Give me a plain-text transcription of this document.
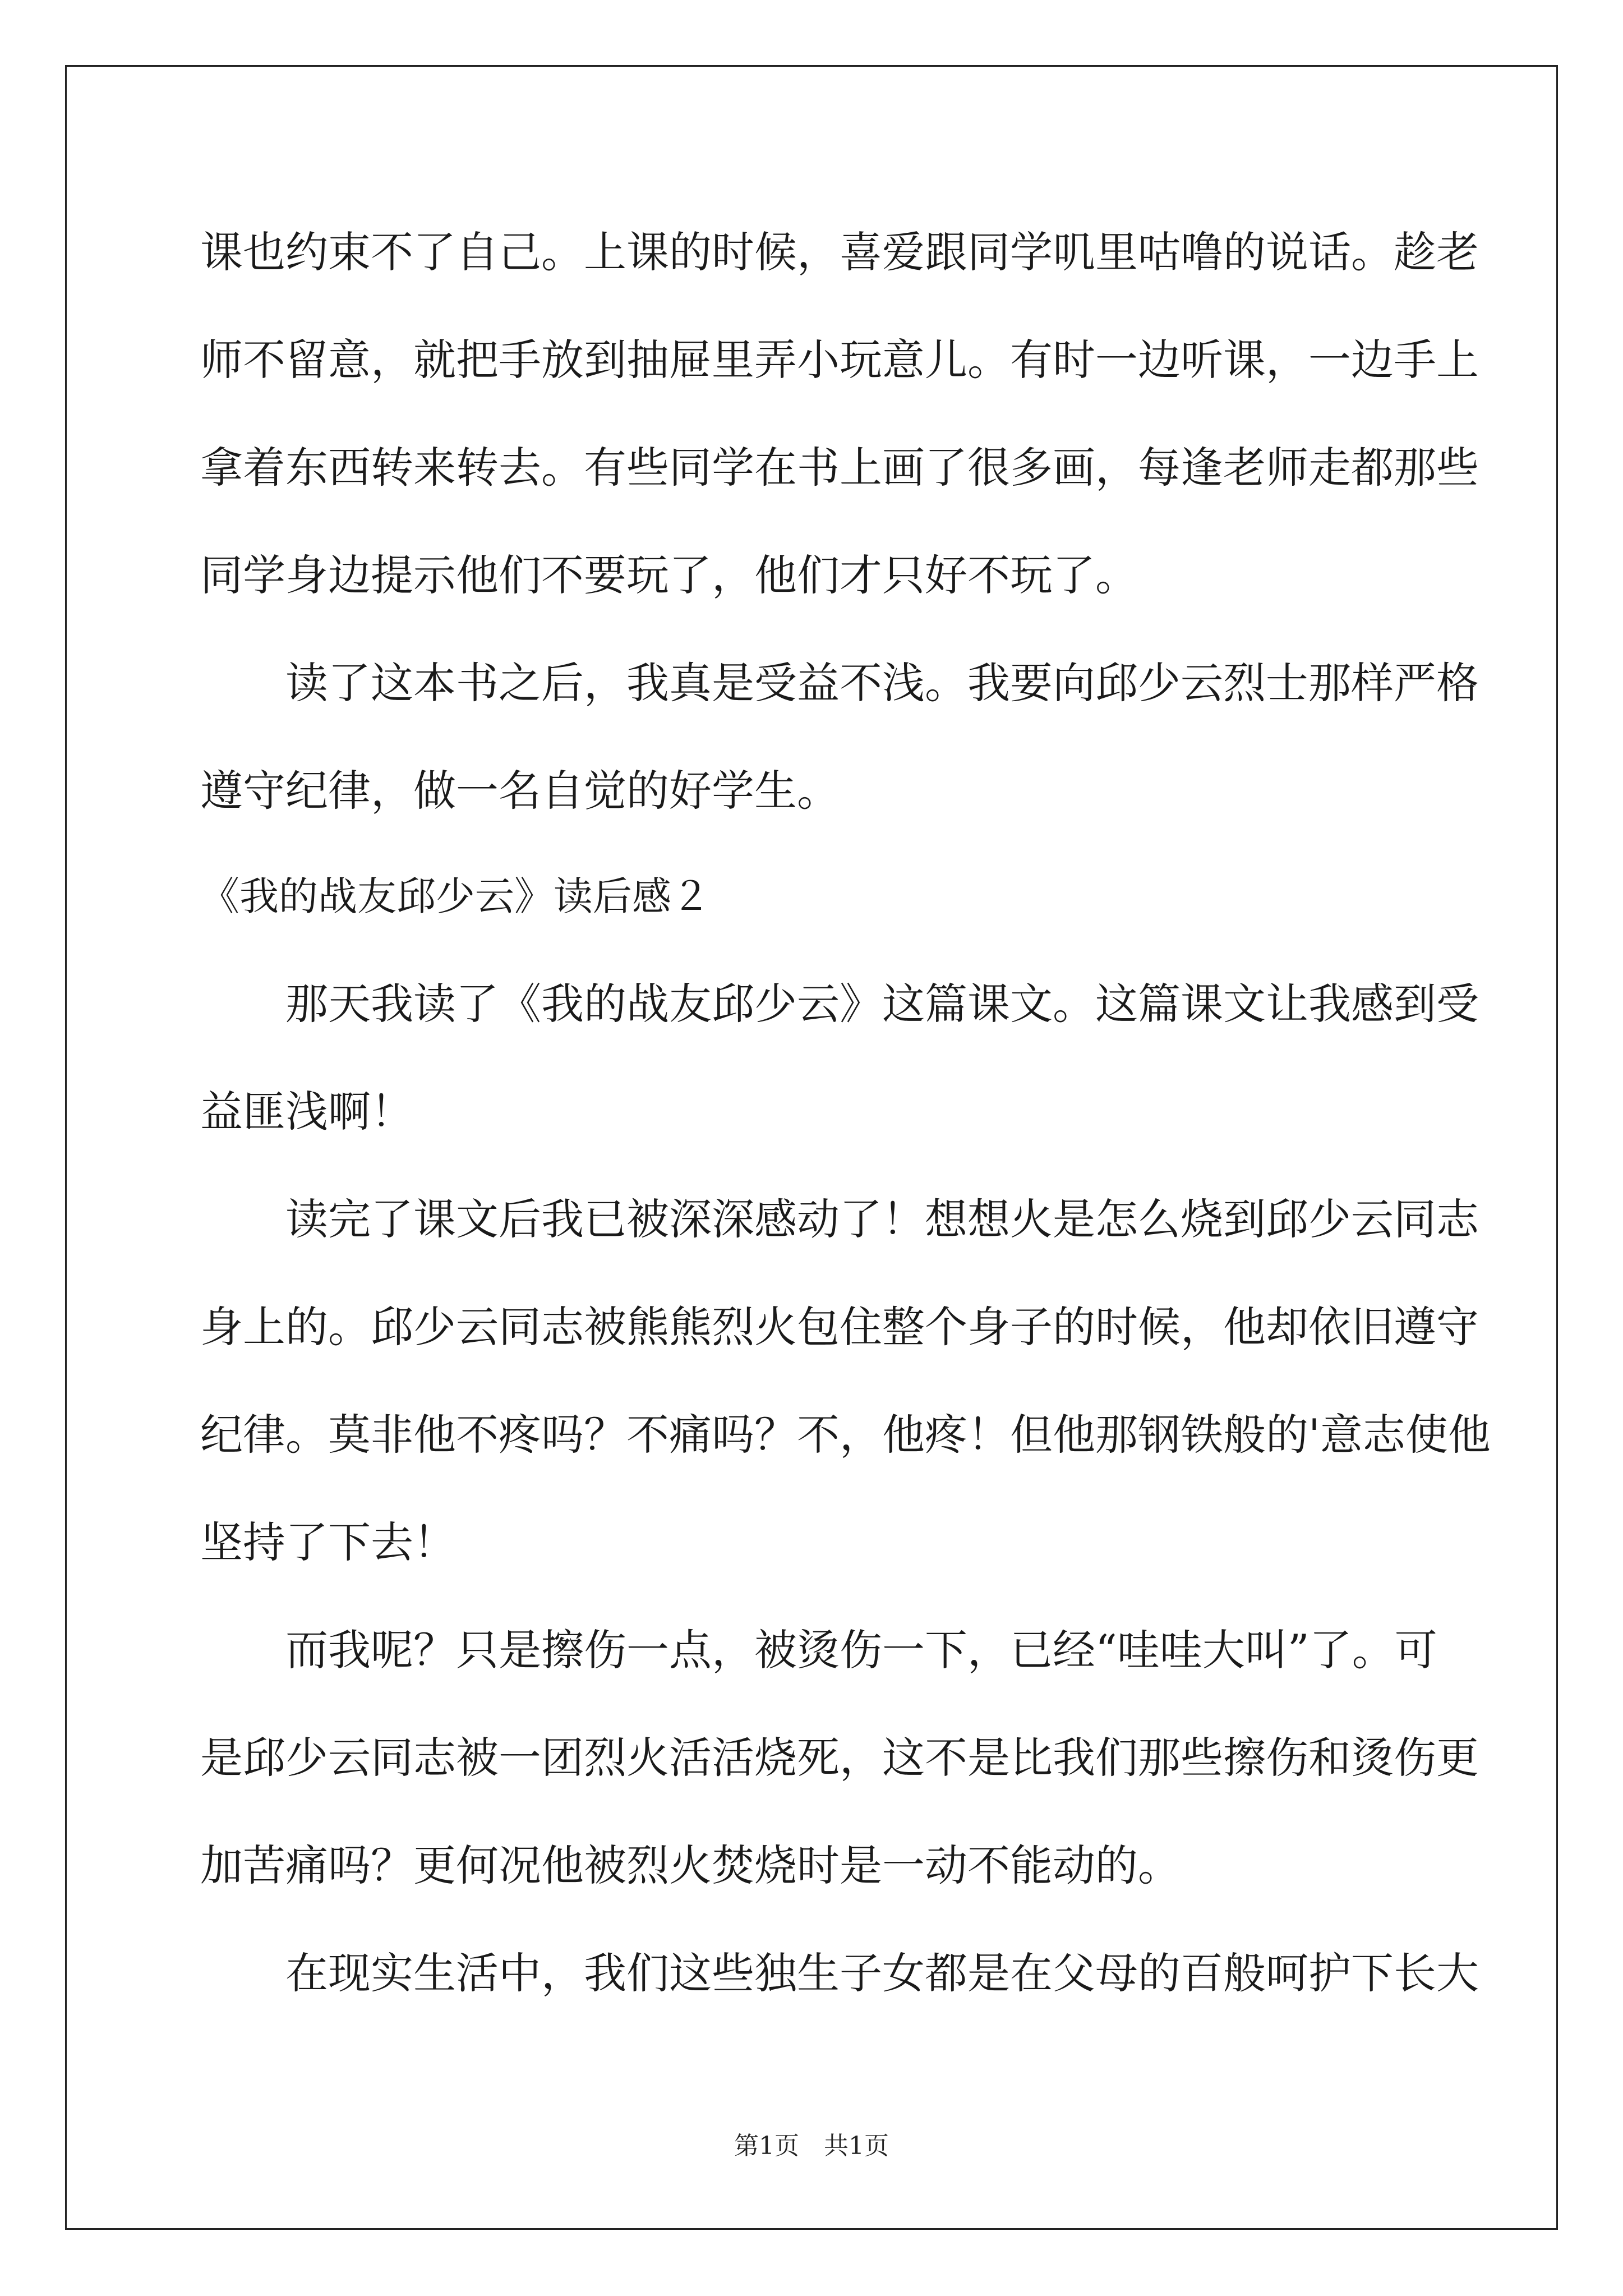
课也约束不了自己。上课的时候，喜爱跟同学叽里咕噜的说话。趁老
师不留意，就把手放到抽屉里弄小玩意儿。有时一边听课，一边手上
拿着东西转来转去。有些同学在书上画了很多画，每逢老师走都那些
同学身边提示他们不要玩了，他们才只好不玩了。
　　读了这本书之后，我真是受益不浅。我要向邱少云烈士那样严格
遵守纪律，做一名自觉的好学生。
《我的战友邱少云》读后感２
　　那天我读了《我的战友邱少云》这篇课文。这篇课文让我感到受
益匪浅啊！
　　读完了课文后我已被深深感动了！想想火是怎么烧到邱少云同志
身上的。邱少云同志被熊熊烈火包住整个身子的时候，他却依旧遵守
纪律。莫非他不疼吗？不痛吗？不，他疼！但他那钢铁般的'意志使他
坚持了下去！
　　而我呢？只是擦伤一点，被烫伤一下，已经“哇哇大叫”了。可
是邱少云同志被一团烈火活活烧死，这不是比我们那些擦伤和烫伤更
加苦痛吗？更何况他被烈火焚烧时是一动不能动的。
　　在现实生活中，我们这些独生子女都是在父母的百般呵护下长大
第1页 共1页
